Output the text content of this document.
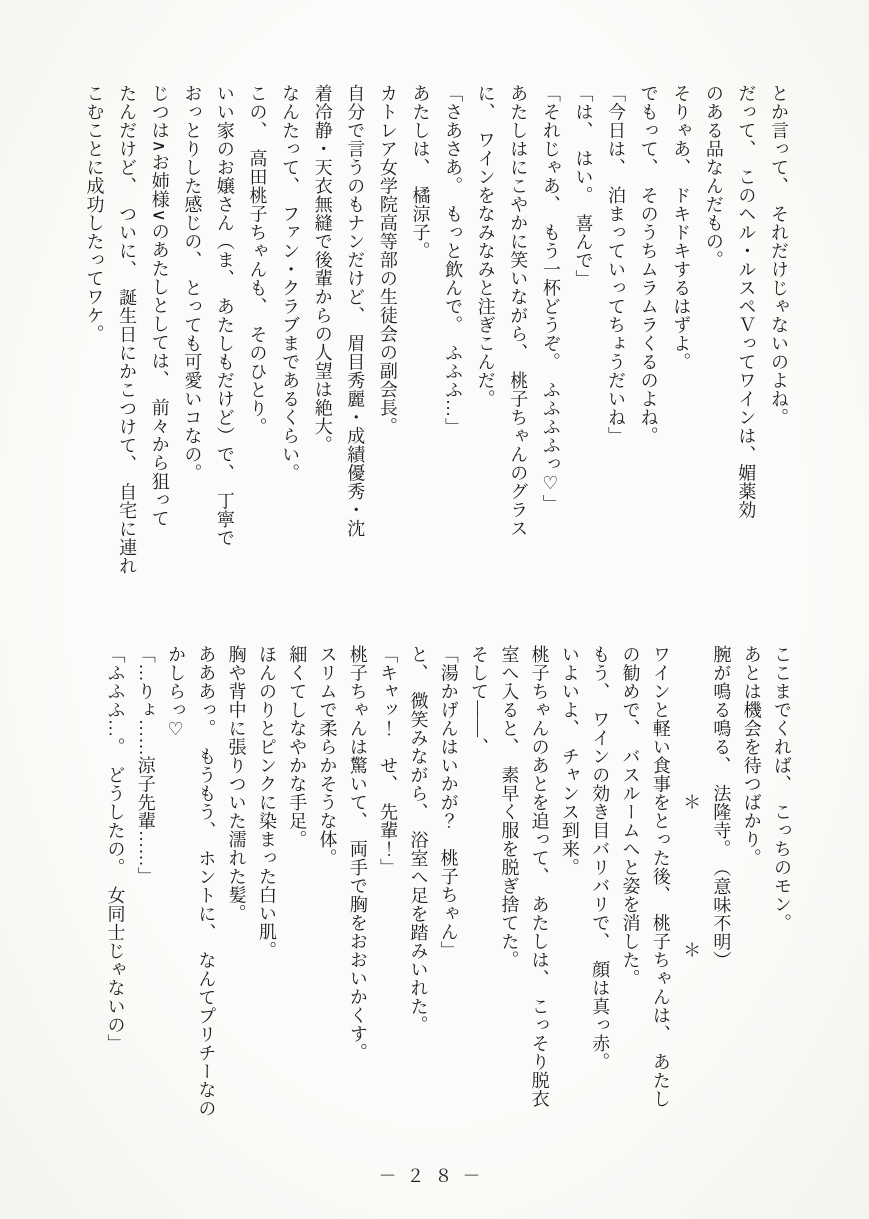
とか言って、　それだけじゃないのよね。

だって、　このヘル・ルスペＶってワインは、媚薬効

のある品なんだもの。

そりゃあ、　ドキドキするはずよ。

でもって、　そのうちムラムラくるのよね。

「今日は、　泊まっていってちょうだいね」

「は、　はい。　喜んで」

「それじゃあ、　もう一杯どうぞ。　ふふふふっ♡」

あたしはにこやかに笑いながら、　桃子ちゃんのグラス

に、　ワインをなみなみと注ぎこんだ。

「さあさあ。　もっと飲んで。　ふふふ…」

あたしは、　橘涼子。

カトレア女学院高等部の生徒会の副会長。

自分で言うのもナンだけど、　眉目秀麗・成績優秀・沈

着冷静・天衣無縫で後輩からの人望は絶大。

なんたって、　ファン・クラブまであるくらい。

この、　高田桃子ちゃんも、　そのひとり。

いい家のお嬢さん（ま、　あたしもだけど）で、　丁寧で

おっとりした感じの、　とっても可愛いコなの。

じつは∧お姉様∨のあたしとしては、　前々から狙って

たんだけど、　ついに、　誕生日にかこつけて、　自宅に連れ

こむことに成功したってワケ。

ここまでくれば、　こっちのモン。

あとは機会を待つばかり。

腕が鳴る鳴る、　法隆寺。　（意味不明）

　　　　　　　　＊　　　　　　　＊

ワインと軽い食事をとった後、　桃子ちゃんは、　あたし

の勧めで、　バスルームへと姿を消した。

もう、　ワインの効き目バリバリで、　顔は真っ赤。

いよいよ、　チャンス到来。

桃子ちゃんのあとを追って、　あたしは、　こっそり脱衣

室へ入ると、　素早く服を脱ぎ捨てた。

そして――、

「湯かげんはいかが？　桃子ちゃん」

と、　微笑みながら、　浴室へ足を踏みいれた。

「キャッ！　せ、　先輩！」

桃子ちゃんは驚いて、　両手で胸をおおいかくす。

スリムで柔らかそうな体。

細くてしなやかな手足。

ほんのりとピンクに染まった白い肌。

胸や背中に張りついた濡れた髪。

あああっ。　もうもう、　ホントに、　なんてプリチーなの

かしらっ♡

「…りょ……涼子先輩……」

「ふふふ…。　どうしたの。　女同士じゃないの」

－２８－
